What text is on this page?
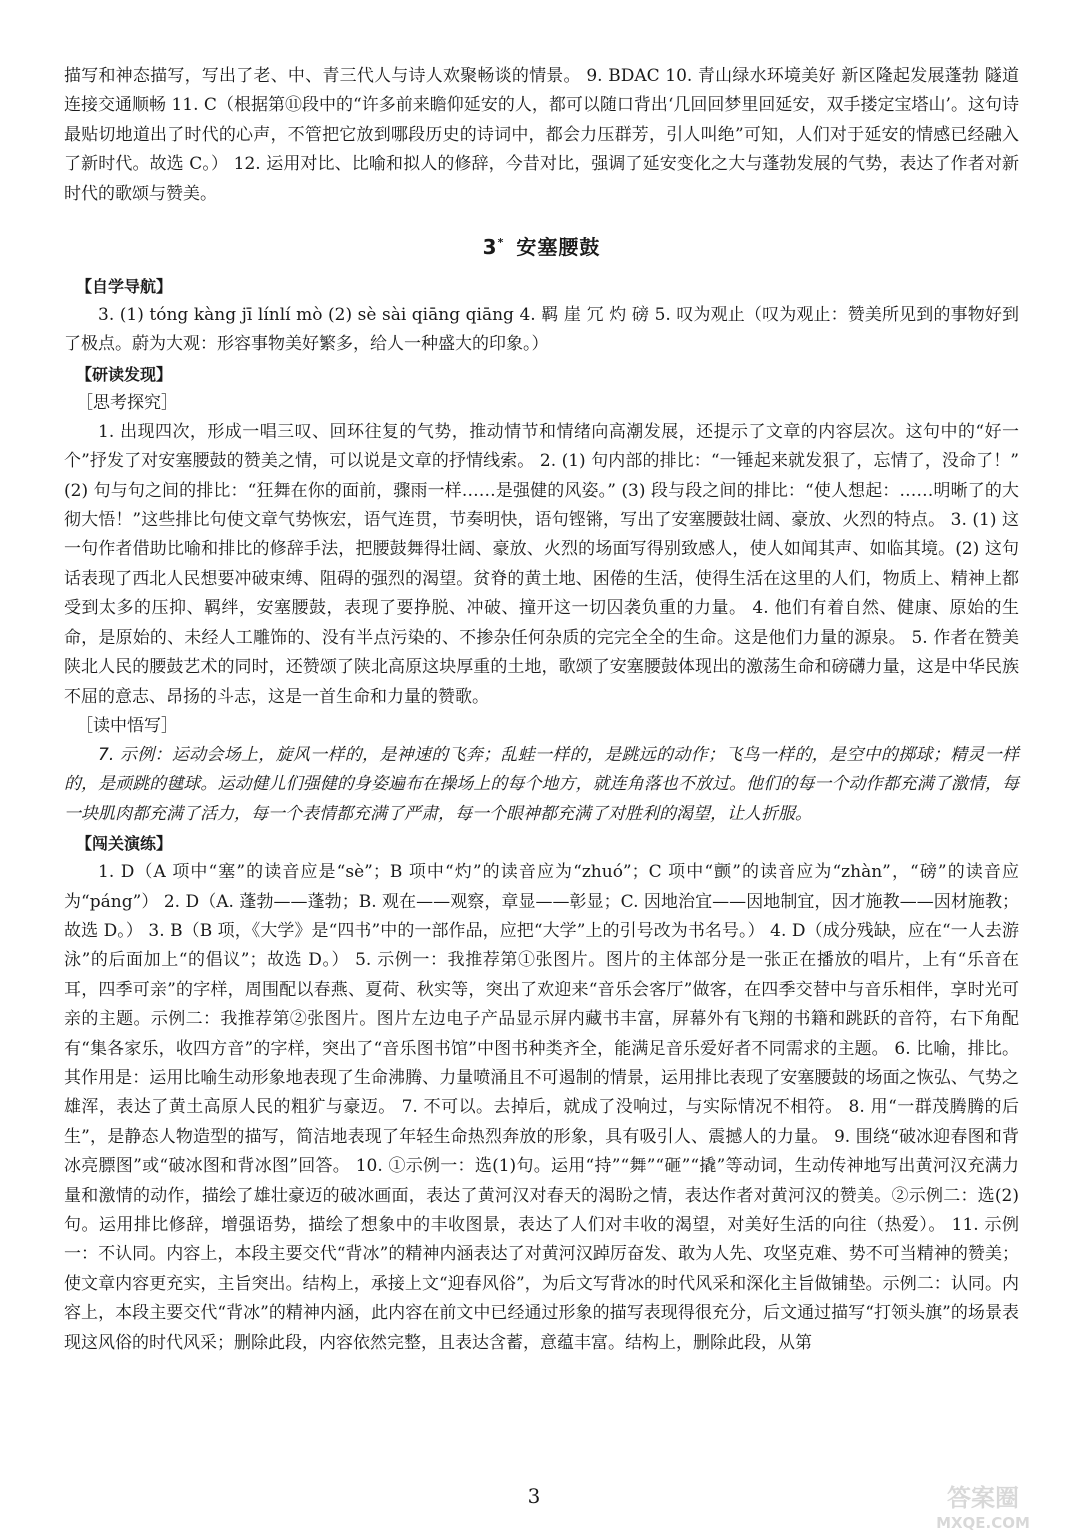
描写和神态描写，写出了老、中、青三代人与诗人欢聚畅谈的情景。 9. BDAC 10. 青山绿水环境美好 新区隆起发展蓬勃 隧道连接交通顺畅 11. C（根据第⑪段中的“许多前来瞻仰延安的人，都可以随口背出‘几回回梦里回延安，双手搂定宝塔山’。这句诗最贴切地道出了时代的心声，不管把它放到哪段历史的诗词中，都会力压群芳，引人叫绝”可知，人们对于延安的情感已经融入了新时代。故选 C。） 12. 运用对比、比喻和拟人的修辞，今昔对比，强调了延安变化之大与蓬勃发展的气势，表达了作者对新时代的歌颂与赞美。

3* 安塞腰鼓
【自学导航】

3. (1) tóng kàng jī línlí mò (2) sè sài qiāng qiāng 4. 羁 崖 冗 灼 磅 5. 叹为观止（叹为观止：赞美所见到的事物好到了极点。蔚为大观：形容事物美好繁多，给人一种盛大的印象。）

【研读发现】
［思考探究］

1. 出现四次，形成一唱三叹、回环往复的气势，推动情节和情绪向高潮发展，还提示了文章的内容层次。这句中的“好一个”抒发了对安塞腰鼓的赞美之情，可以说是文章的抒情线索。 2. (1) 句内部的排比：“一锤起来就发狠了，忘情了，没命了！” (2) 句与句之间的排比：“狂舞在你的面前，骤雨一样……是强健的风姿。” (3) 段与段之间的排比：“使人想起：……明晰了的大彻大悟！”这些排比句使文章气势恢宏，语气连贯，节奏明快，语句铿锵，写出了安塞腰鼓壮阔、豪放、火烈的特点。 3. (1) 这一句作者借助比喻和排比的修辞手法，把腰鼓舞得壮阔、豪放、火烈的场面写得别致感人，使人如闻其声、如临其境。(2) 这句话表现了西北人民想要冲破束缚、阻碍的强烈的渴望。贫脊的黄土地、困倦的生活，使得生活在这里的人们，物质上、精神上都受到太多的压抑、羁绊，安塞腰鼓，表现了要挣脱、冲破、撞开这一切囚袭负重的力量。 4. 他们有着自然、健康、原始的生命，是原始的、未经人工雕饰的、没有半点污染的、不掺杂任何杂质的完完全全的生命。这是他们力量的源泉。 5. 作者在赞美陕北人民的腰鼓艺术的同时，还赞颂了陕北高原这块厚重的土地，歌颂了安塞腰鼓体现出的激荡生命和磅礴力量，这是中华民族不屈的意志、昂扬的斗志，这是一首生命和力量的赞歌。

［读中悟写］

7. 示例：运动会场上，旋风一样的，是神速的飞奔；乱蛙一样的，是跳远的动作；飞鸟一样的，是空中的掷球；精灵一样的，是顽跳的毽球。运动健儿们强健的身姿遍布在操场上的每个地方，就连角落也不放过。他们的每一个动作都充满了激情，每一块肌肉都充满了活力，每一个表情都充满了严肃，每一个眼神都充满了对胜利的渴望，让人折服。

【闯关演练】

1. D（A 项中“塞”的读音应是“sè”；B 项中“灼”的读音应为“zhuó”；C 项中“颤”的读音应为“zhàn”，“磅”的读音应为“páng”） 2. D（A. 蓬勃——蓬勃；B. 观在——观察，章显——彰显；C. 因地治宜——因地制宜，因才施教——因材施教；故选 D。） 3. B（B 项，《大学》是“四书”中的一部作品，应把“大学”上的引号改为书名号。） 4. D（成分残缺，应在“一人去游泳”的后面加上“的倡议”；故选 D。） 5. 示例一：我推荐第①张图片。图片的主体部分是一张正在播放的唱片，上有“乐音在耳，四季可亲”的字样，周围配以春燕、夏荷、秋实等，突出了欢迎来“音乐会客厅”做客，在四季交替中与音乐相伴，享时光可亲的主题。示例二：我推荐第②张图片。图片左边电子产品显示屏内藏书丰富，屏幕外有飞翔的书籍和跳跃的音符，右下角配有“集各家乐，收四方音”的字样，突出了“音乐图书馆”中图书种类齐全，能满足音乐爱好者不同需求的主题。 6. 比喻，排比。其作用是：运用比喻生动形象地表现了生命沸腾、力量喷涌且不可遏制的情景，运用排比表现了安塞腰鼓的场面之恢弘、气势之雄浑，表达了黄土高原人民的粗犷与豪迈。 7. 不可以。去掉后，就成了没响过，与实际情况不相符。 8. 用“一群茂腾腾的后生”，是静态人物造型的描写，简洁地表现了年轻生命热烈奔放的形象，具有吸引人、震撼人的力量。 9. 围绕“破冰迎春图和背冰亮膘图”或“破冰图和背冰图”回答。 10. ①示例一：选(1)句。运用“持”“舞”“砸”“撬”等动词，生动传神地写出黄河汉充满力量和激情的动作，描绘了雄壮豪迈的破冰画面，表达了黄河汉对春天的渴盼之情，表达作者对黄河汉的赞美。②示例二：选(2)句。运用排比修辞，增强语势，描绘了想象中的丰收图景，表达了人们对丰收的渴望，对美好生活的向往（热爱）。 11. 示例一：不认同。内容上，本段主要交代“背冰”的精神内涵表达了对黄河汉踔厉奋发、敢为人先、攻坚克难、势不可当精神的赞美；使文章内容更充实，主旨突出。结构上，承接上文“迎春风俗”，为后文写背冰的时代风采和深化主旨做铺垫。示例二：认同。内容上，本段主要交代“背冰”的精神内涵，此内容在前文中已经通过形象的描写表现得很充分，后文通过描写“打领头旗”的场景表现这风俗的时代风采；删除此段，内容依然完整，且表达含蓄，意蕴丰富。结构上，删除此段，从第

3	答案圈
MXQE.COM
